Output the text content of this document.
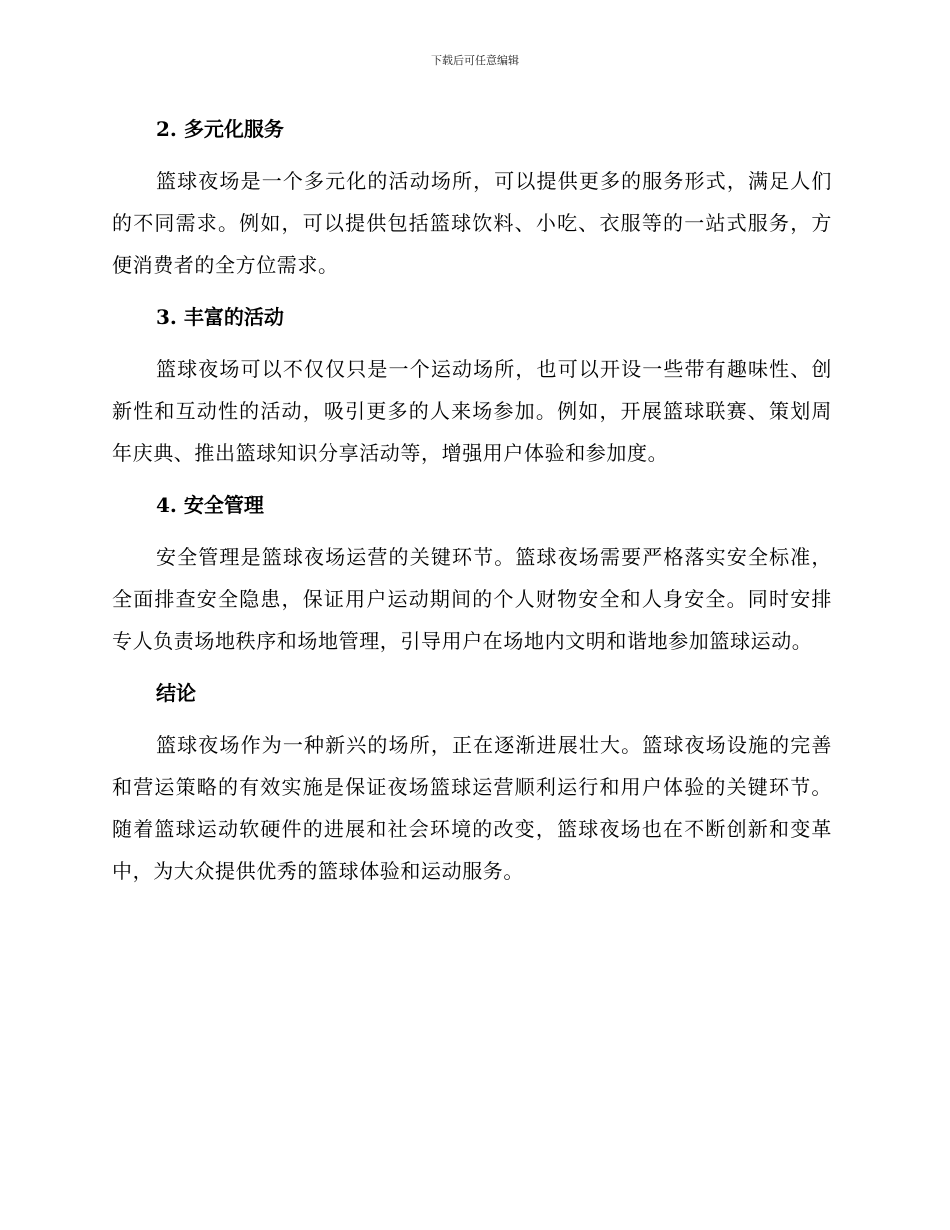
下载后可任意编辑
2. 多元化服务

篮球夜场是一个多元化的活动场所，可以提供更多的服务形式，满足人们的不同需求。例如，可以提供包括篮球饮料、小吃、衣服等的一站式服务，方便消费者的全方位需求。

3. 丰富的活动

篮球夜场可以不仅仅只是一个运动场所，也可以开设一些带有趣味性、创新性和互动性的活动，吸引更多的人来场参加。例如，开展篮球联赛、策划周年庆典、推出篮球知识分享活动等，增强用户体验和参加度。

4. 安全管理

安全管理是篮球夜场运营的关键环节。篮球夜场需要严格落实安全标准，全面排查安全隐患，保证用户运动期间的个人财物安全和人身安全。同时安排专人负责场地秩序和场地管理，引导用户在场地内文明和谐地参加篮球运动。

结论

篮球夜场作为一种新兴的场所，正在逐渐进展壮大。篮球夜场设施的完善和营运策略的有效实施是保证夜场篮球运营顺利运行和用户体验的关键环节。随着篮球运动软硬件的进展和社会环境的改变，篮球夜场也在不断创新和变革中，为大众提供优秀的篮球体验和运动服务。
